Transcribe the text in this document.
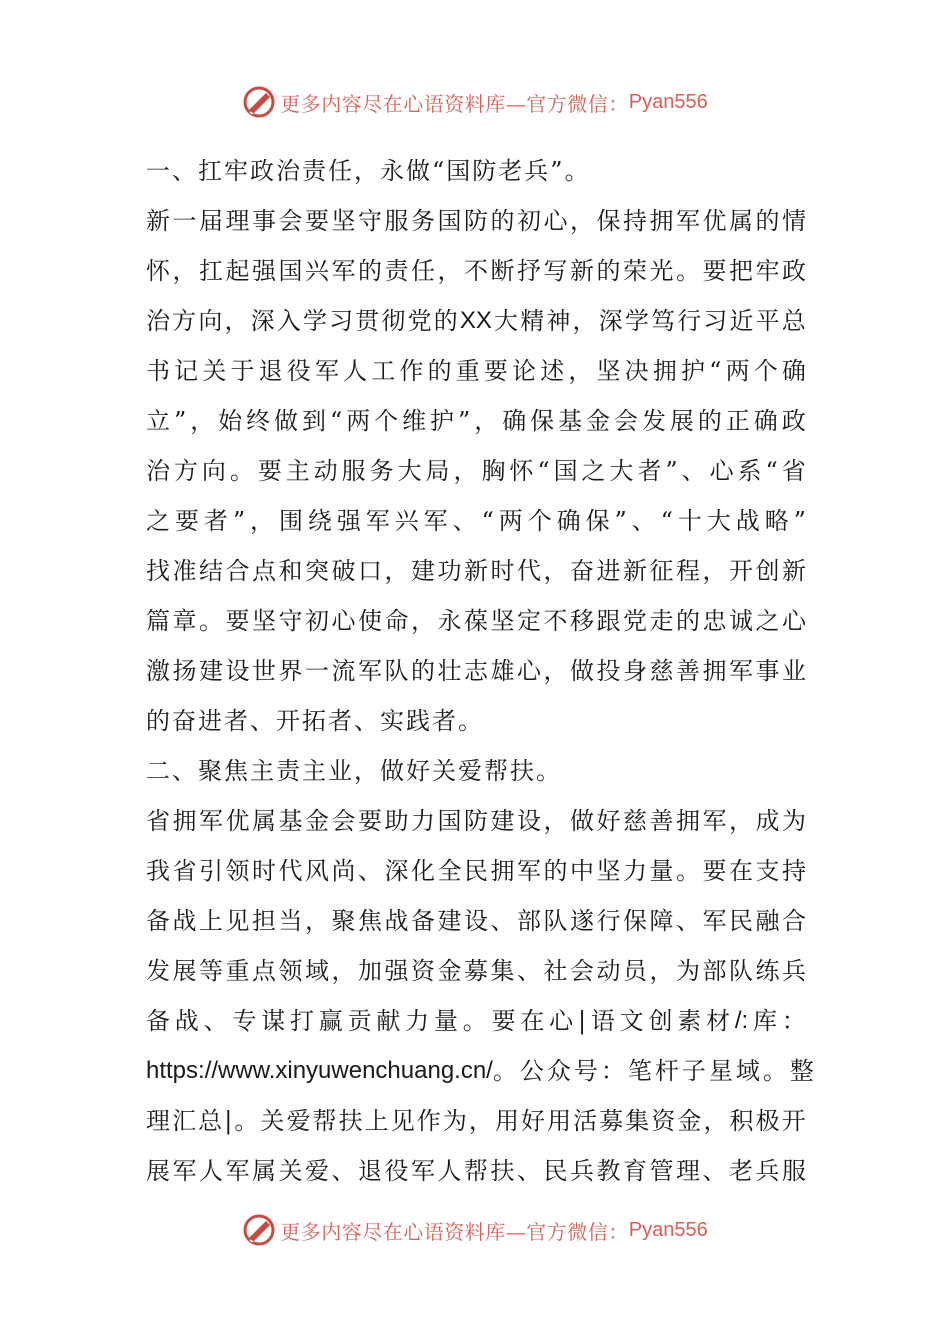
更多内容尽在心语资料库—官方微信： Pyan556
一、扛牢政治责任，永做“国防老兵”。
新 一 届 理 事 会 要 坚 守 服 务 国 防 的 初 心 ， 保 持 拥 军 优 属 的 情
怀 ， 扛 起 强 国 兴 军 的 责 任 ， 不 断 抒 写 新 的 荣 光 。 要 把 牢 政
治 方 向 ， 深 入 学 习 贯 彻 党 的 XX 大 精 神 ， 深 学 笃 行 习 近 平 总
书 记 关 于 退 役 军 人 工 作 的 重 要 论 述 ， 坚 决 拥 护 “ 两 个 确
立 ” ， 始 终 做 到 “ 两 个 维 护 ” ， 确 保 基 金 会 发 展 的 正 确 政
治 方 向 。 要 主 动 服 务 大 局 ， 胸 怀 “ 国 之 大 者 ” 、 心 系 “ 省
之 要 者 ” ， 围 绕 强 军 兴 军 、 “ 两 个 确 保 ” 、 “ 十 大 战 略 ”
找 准 结 合 点 和 突 破 口 ， 建 功 新 时 代 ， 奋 进 新 征 程 ， 开 创 新
篇 章 。 要 坚 守 初 心 使 命 ， 永 葆 坚 定 不 移 跟 党 走 的 忠 诚 之 心
激 扬 建 设 世 界 一 流 军 队 的 壮 志 雄 心 ， 做 投 身 慈 善 拥 军 事 业
的奋进者、开拓者、实践者。
二、聚焦主责主业，做好关爱帮扶。
省 拥 军 优 属 基 金 会 要 助 力 国 防 建 设 ， 做 好 慈 善 拥 军 ， 成 为
我 省 引 领 时 代 风 尚 、 深 化 全 民 拥 军 的 中 坚 力 量 。 要 在 支 持
备 战 上 见 担 当 ， 聚 焦 战 备 建 设 、 部 队 遂 行 保 障 、 军 民 融 合
发 展 等 重 点 领 域 ， 加 强 资 金 募 集 、 社 会 动 员 ， 为 部 队 练 兵
备 战 、 专 谋 打 赢 贡 献 力 量 。 要 在 心 | 语 文 创 素 材 /: 库 ：
https://www.xinyuwenchuang.cn/ 。公众号：笔杆子星域。整
理 汇 总 | 。 关 爱 帮 扶 上 见 作 为 ， 用 好 用 活 募 集 资 金 ， 积 极 开
展 军 人 军 属 关 爱 、 退 役 军 人 帮 扶 、 民 兵 教 育 管 理 、 老 兵 服
更多内容尽在心语资料库—官方微信： Pyan556
